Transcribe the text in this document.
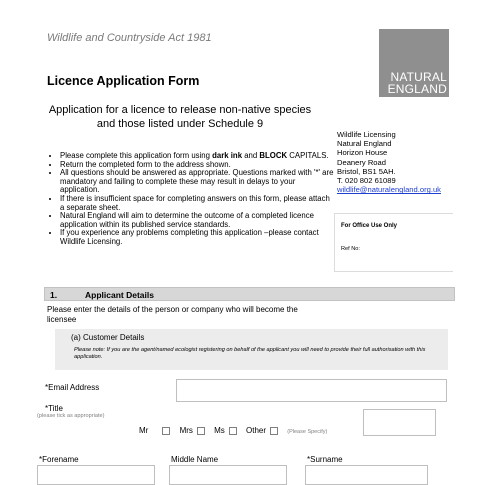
Wildlife and Countryside Act 1981
NATURAL
ENGLAND
Licence Application Form
Application for a licence to release non-native species
and those listed under Schedule 9
Wildlife Licensing
Natural England
Horizon House
Deanery Road
Bristol, BS1 5AH.
T. 020 802 61089
wildlife@naturalengland.org.uk
• Please complete this application form using dark ink and BLOCK CAPITALS.
• Return the completed form to the address shown.
• All questions should be answered as appropriate. Questions marked with '*' are mandatory and failing to complete these may result in delays to your application.
• If there is insufficient space for completing answers on this form, please attach a separate sheet.
• Natural England will aim to determine the outcome of a completed licence application within its published service standards.
• If you experience any problems completing this application –please contact Wildlife Licensing.
For Office Use Only
Ref No:
1.	Applicant Details
Please enter the details of the person or company who will become the licensee
(a) Customer Details
Please note: If you are the agent/named ecologist registering on behalf of the applicant you will need to provide their full authorisation with this application.
*Email Address
*Title
(please tick as appropriate)
Mr	Mrs	Ms	Other	(Please Specify)
*Forename	Middle Name	*Surname
